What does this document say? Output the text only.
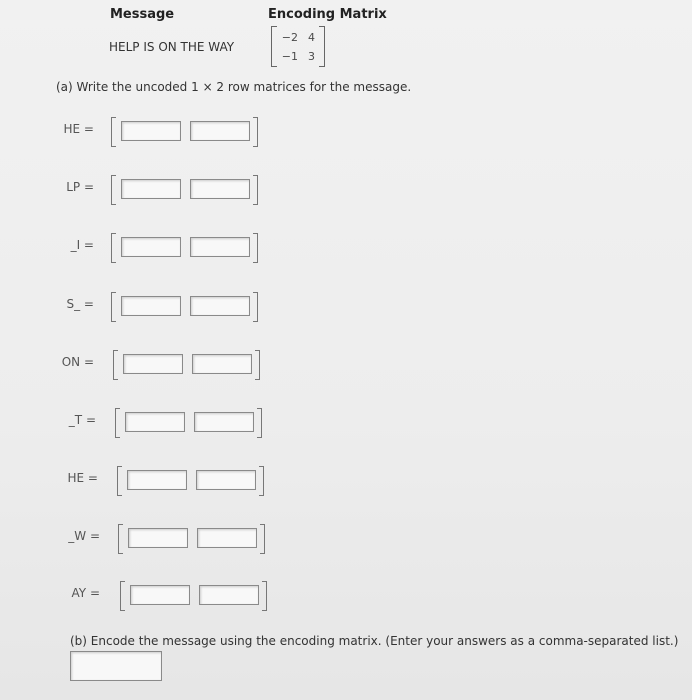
Message	Encoding Matrix
HELP IS ON THE WAY
−2 4
−1 3
(a) Write the uncoded 1 × 2 row matrices for the message.
HE =
LP =
_I =
S_ =
ON =
_T =
HE =
_W =
AY =
(b) Encode the message using the encoding matrix. (Enter your answers as a comma-separated list.)
